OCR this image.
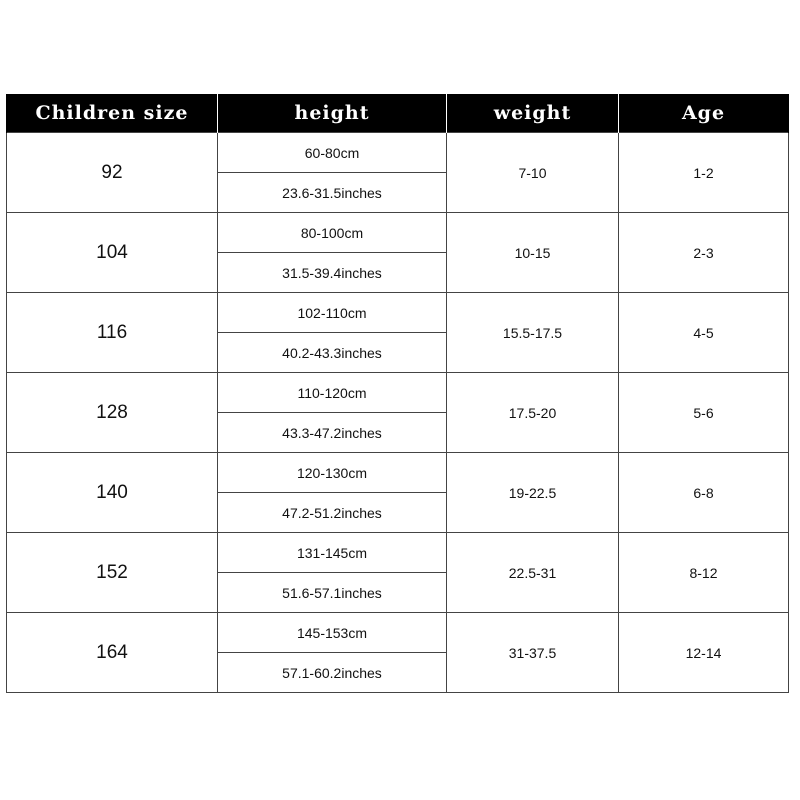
Children size	height	weight	Age
92	60-80cm	7-10	1-2
	23.6-31.5inches		
104	80-100cm	10-15	2-3
	31.5-39.4inches		
116	102-110cm	15.5-17.5	4-5
	40.2-43.3inches		
128	110-120cm	17.5-20	5-6
	43.3-47.2inches		
140	120-130cm	19-22.5	6-8
	47.2-51.2inches		
152	131-145cm	22.5-31	8-12
	51.6-57.1inches		
164	145-153cm	31-37.5	12-14
	57.1-60.2inches		
